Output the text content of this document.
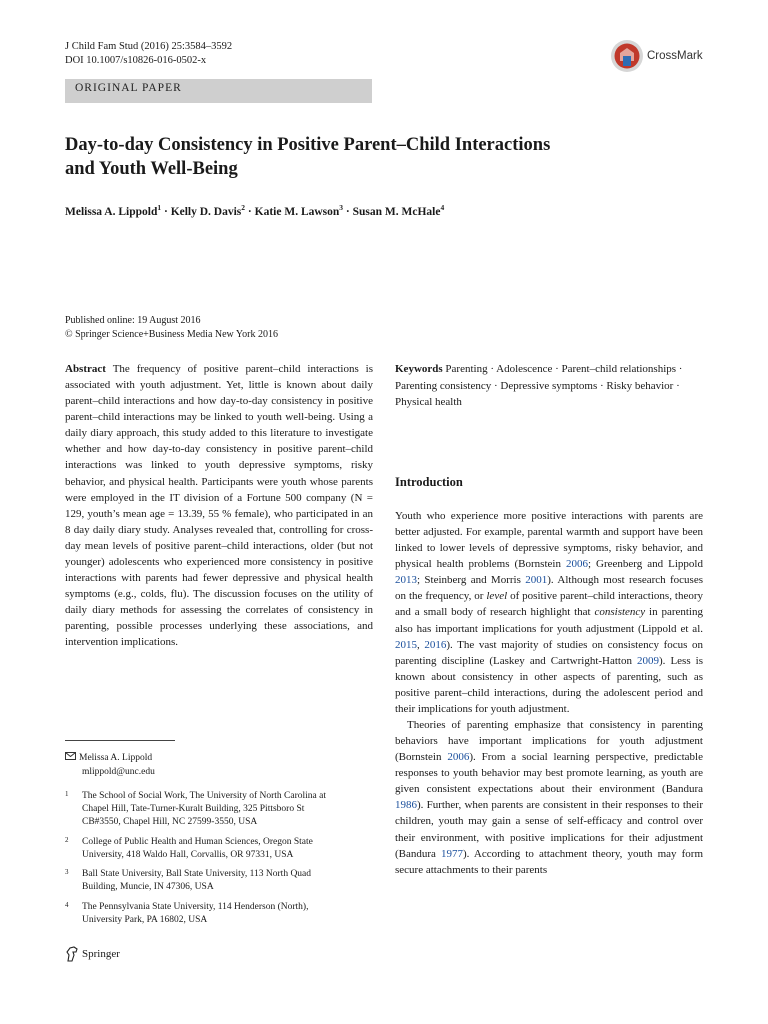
J Child Fam Stud (2016) 25:3584–3592
DOI 10.1007/s10826-016-0502-x	CrossMark
ORIGINAL PAPER
Day-to-day Consistency in Positive Parent–Child Interactions
and Youth Well-Being
Melissa A. Lippold$^1$ · Kelly D. Davis$^2$ · Katie M. Lawson$^3$ · Susan M. McHale$^4$
Published online: 19 August 2016
© Springer Science+Business Media New York 2016

Abstract The frequency of positive parent–child interactions is associated with youth adjustment. Yet, little is known about daily parent–child interactions and how day-to-day consistency in positive parent–child interactions may be linked to youth well-being. Using a daily diary approach, this study added to this literature to investigate whether and how day-to-day consistency in positive parent–child interactions was linked to youth depressive symptoms, risky behavior, and physical health. Participants were youth whose parents were employed in the IT division of a Fortune 500 company (N = 129, youth’s mean age = 13.39, 55 % female), who participated in an 8 day daily diary study. Analyses revealed that, controlling for cross-day mean levels of positive parent–child interactions, older (but not younger) adolescents who experienced more consistency in positive interactions with parents had fewer depressive and physical health symptoms (e.g., colds, flu). The discussion focuses on the utility of daily diary methods for assessing the correlates of consistency in parenting, possible processes underlying these associations, and intervention implications.

Keywords Parenting · Adolescence · Parent–child relationships · Parenting consistency · Depressive symptoms · Risky behavior · Physical health

Introduction

Youth who experience more positive interactions with parents are better adjusted. For example, parental warmth and support have been linked to lower levels of depressive symptoms, risky behavior, and physical health problems (Bornstein 2006; Greenberg and Lippold 2013; Steinberg and Morris 2001). Although most research focuses on the frequency, or level of positive parent–child interactions, theory and a small body of research highlight that consistency in parenting also has important implications for youth adjustment (Lippold et al. 2015, 2016). The vast majority of studies on consistency focus on parenting discipline (Laskey and Cartwright-Hatton 2009). Less is known about consistency in other aspects of parenting, such as positive parent–child interactions, during the adolescent period and their implications for youth adjustment.

Theories of parenting emphasize that consistency in parenting behaviors have important implications for youth adjustment (Bornstein 2006). From a social learning perspective, predictable responses to youth behavior may best promote learning, as youth are given consistent expectations about their environment (Bandura 1986). Further, when parents are consistent in their responses to their children, youth may gain a sense of self-efficacy and control over their environment, with positive implications for their adjustment (Bandura 1977). According to attachment theory, youth may form secure attachments to their parents

Melissa A. Lippold
mlippold@unc.edu
1 The School of Social Work, The University of North Carolina at
Chapel Hill, Tate-Turner-Kuralt Building, 325 Pittsboro St
CB#3550, Chapel Hill, NC 27599-3550, USA
2 College of Public Health and Human Sciences, Oregon State
University, 418 Waldo Hall, Corvallis, OR 97331, USA
3 Ball State University, Ball State University, 113 North Quad
Building, Muncie, IN 47306, USA
4 The Pennsylvania State University, 114 Henderson (North),
University Park, PA 16802, USA
Springer
